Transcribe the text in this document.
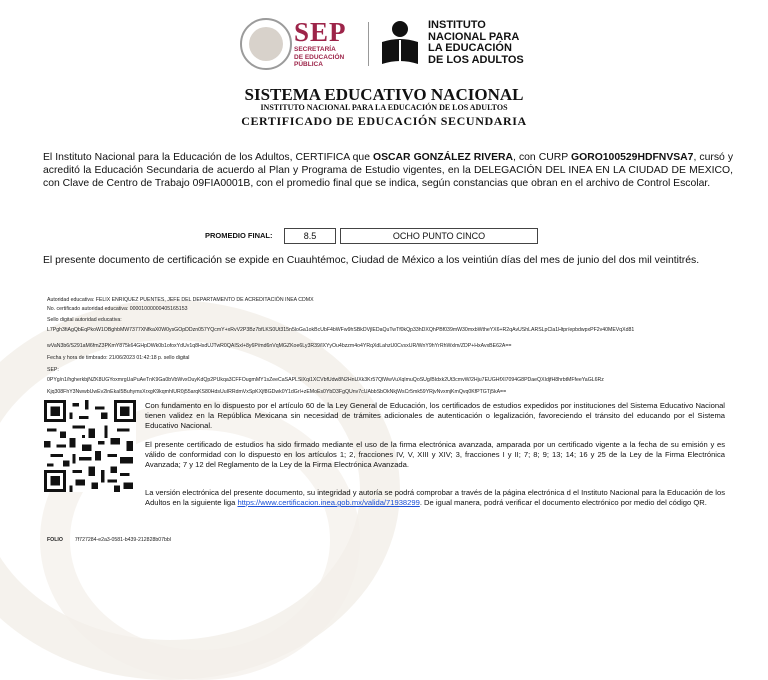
SEP
SECRETARÍA
DE EDUCACIÓN
PÚBLICA
INSTITUTO
NACIONAL PARA
LA EDUCACIÓN
DE LOS ADULTOS
SISTEMA EDUCATIVO NACIONAL
INSTITUTO NACIONAL PARA LA EDUCACIÓN DE LOS ADULTOS
CERTIFICADO DE EDUCACIÓN SECUNDARIA
El Instituto Nacional para la Educación de los Adultos, CERTIFICA que OSCAR GONZÁLEZ RIVERA, con CURP GORO100529HDFNVSA7, cursó y acreditó la Educación Secundaria de acuerdo al Plan y Programa de Estudio vigentes, en la DELEGACIÓN DEL INEA EN LA CIUDAD DE MEXICO, con Clave de Centro de Trabajo 09FIA0001B, con el promedio final que se indica, según constancias que obran en el archivo de Control Escolar.
PROMEDIO FINAL:	8.5	OCHO PUNTO CINCO
El presente documento de certificación se expide en Cuauhtémoc, Ciudad de México a los veintiún días del mes de junio del dos mil veintitrés.
Autoridad educativa: FELIX ENRIQUEZ PUENTES, JEFE DEL DEPARTAMENTO DE ACREDITACIÓN INEA CDMX
No. certificado autoridad educativa: 00001000000405165153
Sello digital autoridad educativa:
L7Pgh3fiAgQbEqPkoW1OBghbMW7377XNfkaX0W0ysGOpDDzn057YQcmY+xRvV2P3Bz7bfLKS0Ut315n5loGa1okBcUbF4bWFw9hSBkDVjlEDaQuTwTf0kQp33hDXQhPBf039mW30mxbWtheYX6+R2qAvUShLARSLpCla1Htpr/epbdwpxPF2v40MEVqXd81
wVaN3b6/S291aM6fmZ3PKmY875k64GHpDWk0b1ofoxYdUv1q8HsdUJTwR0QAISxl+8y6P/md6nVqMGZKoe6Ly3R39/lXYyOu4bzzm4o4YRqXdLahzU0CvsxUR/WnY9hYrRhWxlm/ZDP+HxAvxBE62A==
Fecha y hora de timbrado: 21/06/2023 01:42:18 p. sello digital
SEP:
0PYg/n1/hgherkbjNZK8UGYoxmrgUaPuAeTnK9Ga0bVbWvxOuyKdQp2PUkqa3CFFOugmMY1sZeeCaSAPLSlXqi1XCVbfUdw8N2HnUXk3Kr57QlWwVuXqlmuQoSUg/BIdxk2Ut3cmvW/2Hju7EUGHfXl7094G8PDaeQXIdjfH8hrbtMFfeeYaGL6Rz
Kjq308FhY3NwwbUwEv2lnEkaI5BuhymsXrxgK9kqmhIUR0j55arqKS80HdsUuIRRdmVxSpKXjf8GDwk0Y1dGrl+zEMoEs0YbD3FgQUnv7cUAbbSbOkNkjWsCr5mk59YRjvNvxmjKmQvq0KfPTGTj5kA==
Con fundamento en lo dispuesto por el artículo 60 de la Ley General de Educación, los certificados de estudios expedidos por instituciones del Sistema Educativo Nacional tienen validez en la República Mexicana sin necesidad de trámites adicionales de autenticación o legalización, favoreciendo el tránsito del educando por el Sistema Educativo Nacional.
El presente certificado de estudios ha sido firmado mediante el uso de la firma electrónica avanzada, amparada por un certificado vigente a la fecha de su emisión y es válido de conformidad con lo dispuesto en los artículos 1; 2, fracciones IV, V, XIII y XIV; 3, fracciones I y II; 7; 8; 9; 13; 14; 16 y 25 de la Ley de la Firma Electrónica Avanzada; 7 y 12 del Reglamento de la Ley de la Firma Electrónica Avanzada.
La versión electrónica del presente documento, su integridad y autoría se podrá comprobar a través de la página electrónica d el Instituto Nacional para la Educación de los Adultos en la siguiente liga https://www.certificacion.inea.gob.mx/valida/71938299. De igual manera, podrá verificar el documento electrónico por medio del código QR.
FOLIO 7f727284-e2a3-0581-b439-212828b07bbl
